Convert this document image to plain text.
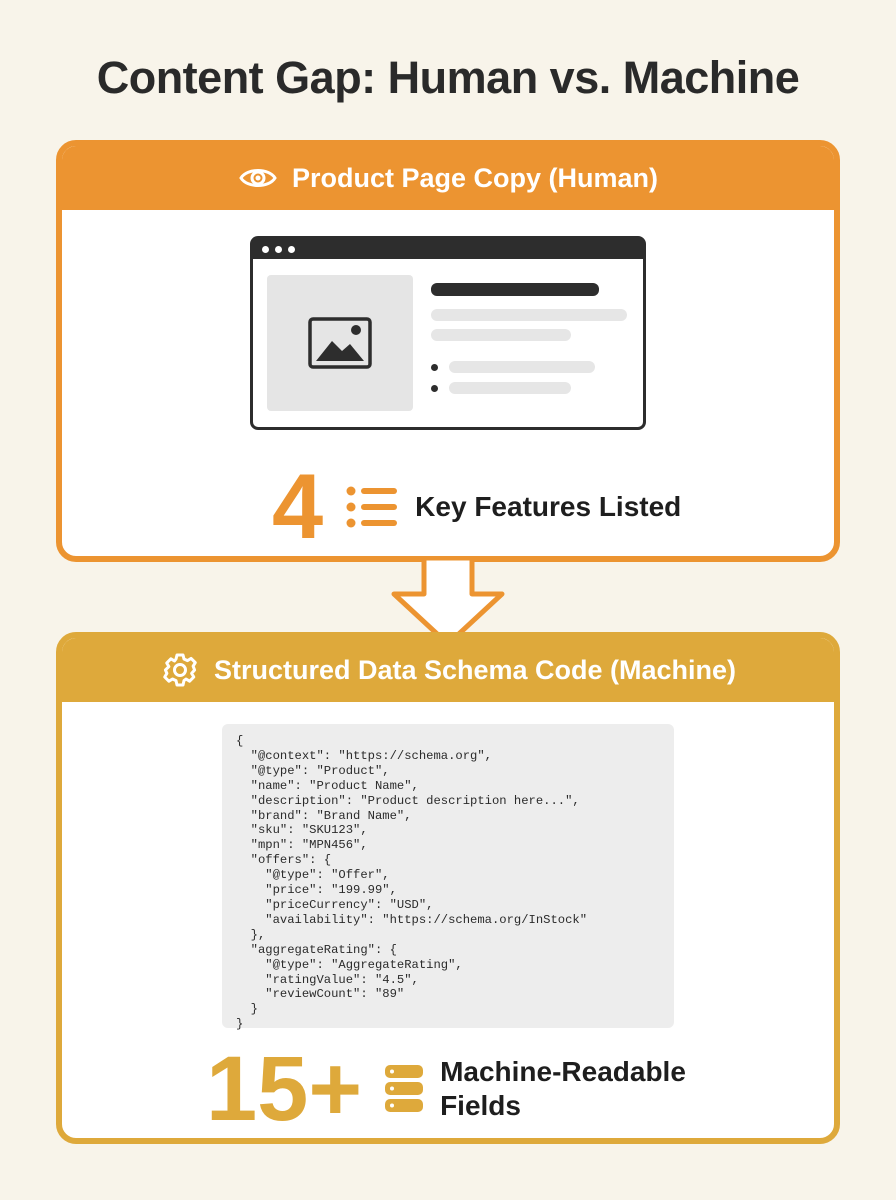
Content Gap: Human vs. Machine
Product Page Copy (Human)
4	Key Features Listed
Structured Data Schema Code (Machine)
{
"@context": "https://schema.org",
"@type": "Product",
"name": "Product Name",
"description": "Product description here...",
"brand": "Brand Name",
"sku": "SKU123",
"mpn": "MPN456",
"offers": {
"@type": "Offer",
"price": "199.99",
"priceCurrency": "USD",
"availability": "https://schema.org/InStock"
},
"aggregateRating": {
"@type": "AggregateRating",
"ratingValue": "4.5",
"reviewCount": "89"
}
}
15+	Machine-Readable Fields
